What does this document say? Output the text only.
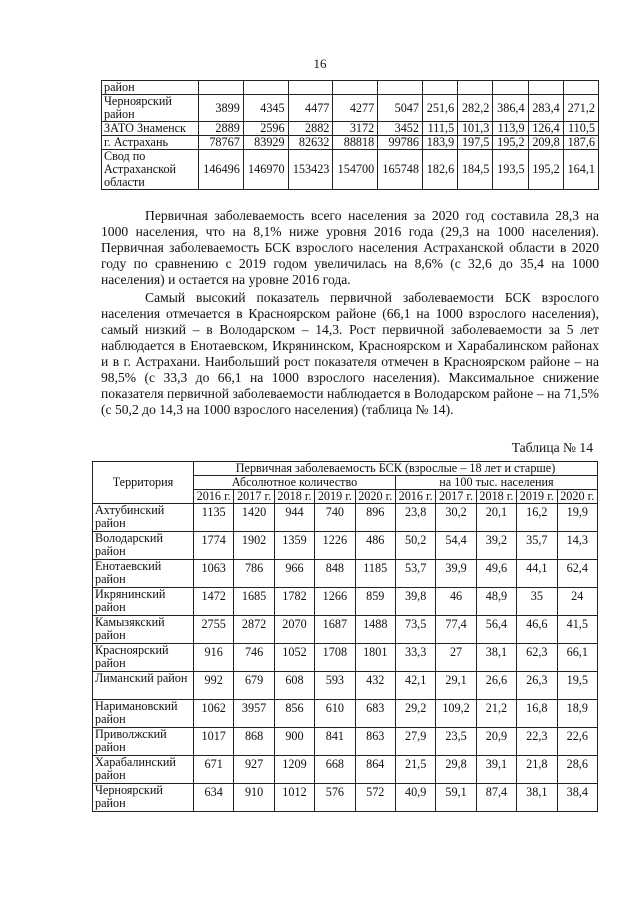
16
район										
Черноярский район	3899	4345	4477	4277	5047	251,6	282,2	386,4	283,4	271,2
ЗАТО Знаменск	2889	2596	2882	3172	3452	111,5	101,3	113,9	126,4	110,5
г. Астрахань	78767	83929	82632	88818	99786	183,9	197,5	195,2	209,8	187,6
Свод по Астраханской области	146496	146970	153423	154700	165748	182,6	184,5	193,5	195,2	164,1

Первичная заболеваемость всего населения за 2020 год составила 28,3 на 1000 населения, что на 8,1% ниже уровня 2016 года (29,3 на 1000 населения). Первичная заболеваемость БСК взрослого населения Астраханской области в 2020 году по сравнению с 2019 годом увеличилась на 8,6% (с 32,6 до 35,4 на 1000 населения) и остается на уровне 2016 года.

Самый высокий показатель первичной заболеваемости БСК взрослого населения отмечается в Красноярском районе (66,1 на 1000 взрослого населения), самый низкий – в Володарском – 14,3. Рост первичной заболеваемости за 5 лет наблюдается в Енотаевском, Икрянинском, Красноярском и Харабалинском районах и в г. Астрахани. Наибольший рост показателя отмечен в Красноярском районе – на 98,5% (с 33,3 до 66,1 на 1000 взрослого населения). Максимальное снижение показателя первичной заболеваемости наблюдается в Володарском районе – на 71,5% (с 50,2 до 14,3 на 1000 взрослого населения) (таблица № 14).

Таблица № 14
Территория	Первичная заболеваемость БСК (взрослые – 18 лет и старше)									
	Абсолютное количество					на 100 тыс. населения				
	2016 г.	2017 г.	2018 г.	2019 г.	2020 г.	2016 г.	2017 г.	2018 г.	2019 г.	2020 г.
Ахтубинский район	1135	1420	944	740	896	23,8	30,2	20,1	16,2	19,9
Володарский район	1774	1902	1359	1226	486	50,2	54,4	39,2	35,7	14,3
Енотаевский район	1063	786	966	848	1185	53,7	39,9	49,6	44,1	62,4
Икрянинский район	1472	1685	1782	1266	859	39,8	46	48,9	35	24
Камызякский район	2755	2872	2070	1687	1488	73,5	77,4	56,4	46,6	41,5
Красноярский район	916	746	1052	1708	1801	33,3	27	38,1	62,3	66,1
Лиманский район	992	679	608	593	432	42,1	29,1	26,6	26,3	19,5
Наримановский район	1062	3957	856	610	683	29,2	109,2	21,2	16,8	18,9
Приволжский район	1017	868	900	841	863	27,9	23,5	20,9	22,3	22,6
Харабалинский район	671	927	1209	668	864	21,5	29,8	39,1	21,8	28,6
Черноярский район	634	910	1012	576	572	40,9	59,1	87,4	38,1	38,4
